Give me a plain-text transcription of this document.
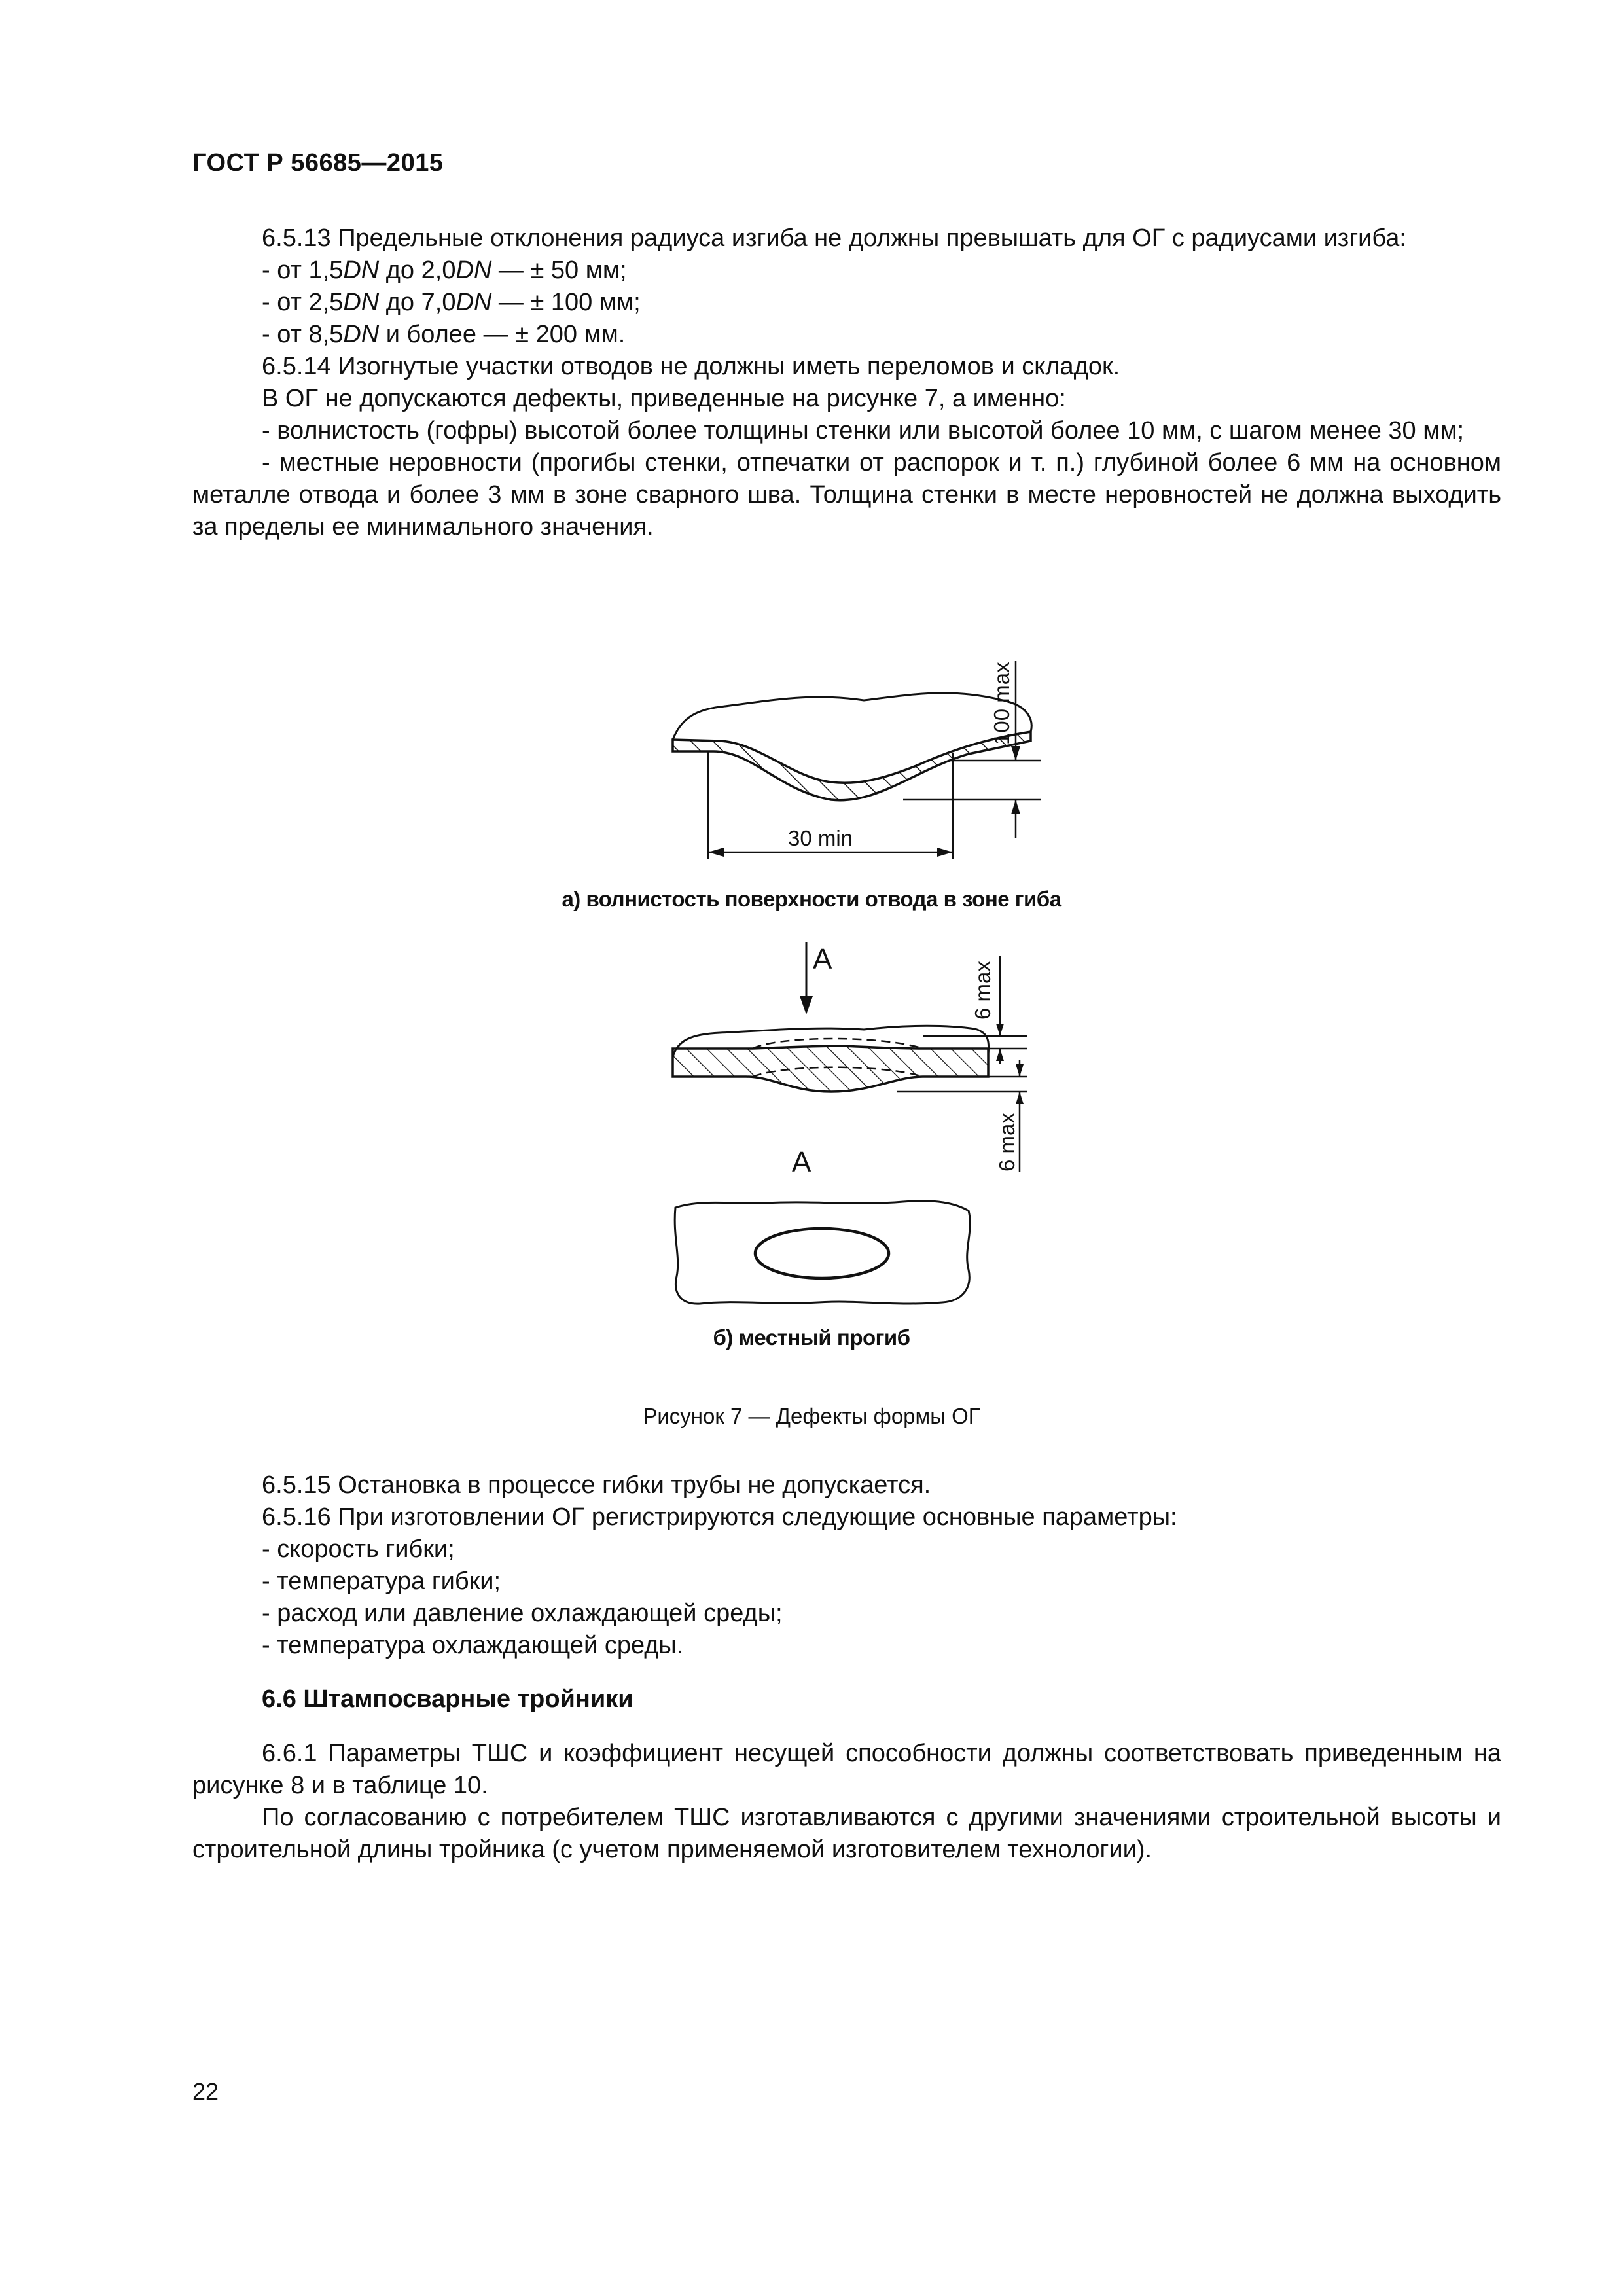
ГОСТ Р 56685—2015

6.5.13 Предельные отклонения радиуса изгиба не должны превышать для ОГ с радиусами изгиба:

- от 1,5DN до 2,0DN — ± 50 мм;

- от 2,5DN до 7,0DN — ± 100 мм;

- от 8,5DN и более — ± 200 мм.

6.5.14 Изогнутые участки отводов не должны иметь переломов и складок.

В ОГ не допускаются дефекты, приведенные на рисунке 7, а именно:

- волнистость (гофры) высотой более толщины стенки или высотой более 10 мм, с шагом менее 30 мм;

- местные неровности (прогибы стенки, отпечатки от распорок и т. п.) глубиной более 6 мм на основном металле отвода и более 3 мм в зоне сварного шва. Толщина стенки в месте неровностей не должна выходить за пределы ее минимального значения.

100 max
30 min
а) волнистость поверхности отвода в зоне гиба
А
6 max
6 max
А
б) местный прогиб
Рисунок 7 — Дефекты формы ОГ

6.5.15 Остановка в процессе гибки трубы не допускается.

6.5.16 При изготовлении ОГ регистрируются следующие основные параметры:

- скорость гибки;

- температура гибки;

- расход или давление охлаждающей среды;

- температура охлаждающей среды.

6.6 Штампосварные тройники

6.6.1 Параметры ТШС и коэффициент несущей способности должны соответствовать приведенным на рисунке 8 и в таблице 10.

По согласованию с потребителем ТШС изготавливаются с другими значениями строительной высоты и строительной длины тройника (с учетом применяемой изготовителем технологии).

22
